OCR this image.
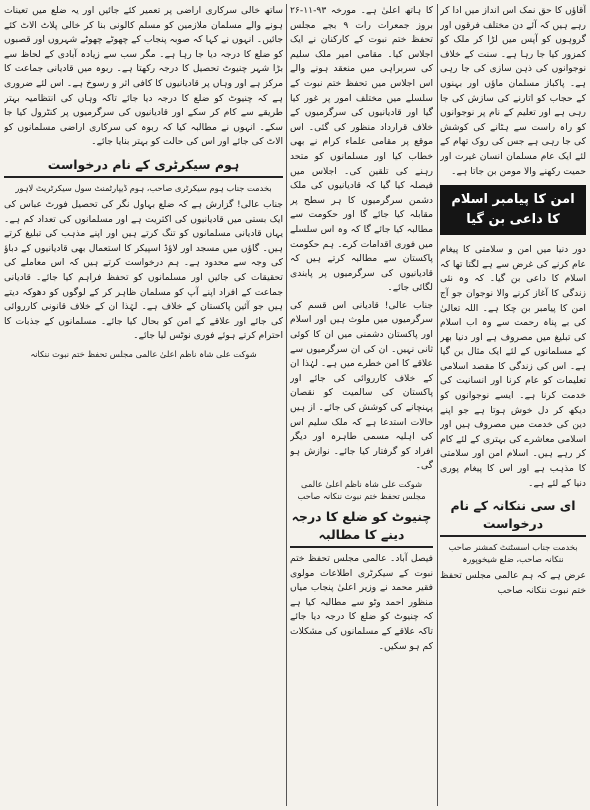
آقاؤں کا حق نمک اس انداز میں ادا کر رہے ہیں کہ آئے دن مختلف فرقوں اور گروہوں کو آپس میں لڑا کر ملک کو کمزور کیا جا رہا ہے۔ سنت کے خلاف نوجوانوں کی ذہن سازی کی جا رہی ہے۔ پاکباز مسلمان ماؤں اور بہنوں کے حجاب کو اتارنے کی سازش کی جا رہی ہے اور تعلیم کے نام پر نوجوانوں کو راہ راست سے ہٹانے کی کوشش کی جا رہی ہے جس کی روک تھام کے لئے ایک عام مسلمان انسان غیرت اور حمیت رکھنے والا مومن بن جاتا ہے۔

امن کا پیامبر اسلام کا داعی بن گیا

دور دنیا میں امن و سلامتی کا پیغام عام کرنے کی غرض سے ہے لگتا تھا کہ اسلام کا داعی بن گیا۔ کہ وہ نئی زندگی کا آغاز کرنے والا نوجوان جو آج امن کا پیامبر بن چکا ہے۔ اللہ تعالیٰ کی بے پناہ رحمت سے وہ اب اسلام کی تبلیغ میں مصروف ہے اور دنیا بھر کے مسلمانوں کے لئے ایک مثال بن گیا ہے۔ اس کی زندگی کا مقصد اسلامی تعلیمات کو عام کرنا اور انسانیت کی خدمت کرنا ہے۔ ایسے نوجوانوں کو دیکھ کر دل خوش ہوتا ہے جو اپنے دین کی خدمت میں مصروف ہیں اور اسلامی معاشرے کی بہتری کے لئے کام کر رہے ہیں۔ اسلام امن اور سلامتی کا مذہب ہے اور اس کا پیغام پوری دنیا کے لئے ہے۔

ای سی ننکانہ کے نام درخواست
بخدمت جناب اسسٹنٹ کمشنر صاحب ننکانہ صاحب، ضلع شیخوپورہ

عرض ہے کہ ہم عالمی مجلس تحفظ ختم نبوت ننکانہ صاحب

کا ہاتھ اعلیٰ ہے۔ مورخہ ۹۳-۱۱-۲۶ بروز جمعرات رات ۹ بجے مجلس تحفظ ختم نبوت کے کارکنان نے ایک اجلاس کیا۔ مقامی امیر ملک سلیم کی سربراہی میں منعقد ہونے والے اس اجلاس میں تحفظ ختم نبوت کے سلسلے میں مختلف امور پر غور کیا گیا اور قادیانیوں کی سرگرمیوں کے خلاف قرارداد منظور کی گئی۔ اس موقع پر مقامی علماء کرام نے بھی خطاب کیا اور مسلمانوں کو متحد رہنے کی تلقین کی۔ اجلاس میں فیصلہ کیا گیا کہ قادیانیوں کی ملک دشمن سرگرمیوں کا ہر سطح پر مقابلہ کیا جائے گا اور حکومت سے مطالبہ کیا جائے گا کہ وہ اس سلسلے میں فوری اقدامات کرے۔ ہم حکومت پاکستان سے مطالبہ کرتے ہیں کہ قادیانیوں کی سرگرمیوں پر پابندی لگائی جائے۔

جناب عالی! قادیانی اس قسم کی سرگرمیوں میں ملوث ہیں اور اسلام اور پاکستان دشمنی میں ان کا کوئی ثانی نہیں۔ ان کی ان سرگرمیوں سے علاقے کا امن خطرے میں ہے۔ لہٰذا ان کے خلاف کارروائی کی جائے اور پاکستان کی سالمیت کو نقصان پہنچانے کی کوشش کی جائے۔ از ہیں حالات استدعا ہے کہ ملک سلیم اس کی اہلیہ مسمی طاہرہ اور دیگر افراد کو گرفتار کیا جائے۔ نوازش ہو گی۔

شوکت علی شاہ ناظم اعلیٰ عالمی مجلس تحفظ ختم نبوت ننکانہ صاحب
چنیوٹ کو ضلع کا درجہ دینے کا مطالبہ

فیصل آباد۔ عالمی مجلس تحفظ ختم نبوت کے سیکرٹری اطلاعات مولوی فقیر محمد نے وزیر اعلیٰ پنجاب میاں منظور احمد وٹو سے مطالبہ کیا ہے کہ چنیوٹ کو ضلع کا درجہ دیا جائے تاکہ علاقے کے مسلمانوں کی مشکلات کم ہو سکیں۔

ساتھ خالی سرکاری اراضی پر تعمیر کئے جائیں اور یہ ضلع میں تعینات ہونے والے مسلمان ملازمین کو مسلم کالونی بنا کر خالی پلاٹ الاٹ کئے جائیں۔ انہوں نے کہا کہ صوبہ پنجاب کے چھوٹے چھوٹے شہروں اور قصبوں کو ضلع کا درجہ دیا جا رہا ہے۔ مگر سب سے زیادہ آبادی کے لحاظ سے بڑا شہر چنیوٹ تحصیل کا درجہ رکھتا ہے۔ ربوہ میں قادیانی جماعت کا مرکز ہے اور وہاں پر قادیانیوں کا کافی اثر و رسوخ ہے۔ اس لئے ضروری ہے کہ چنیوٹ کو ضلع کا درجہ دیا جائے تاکہ وہاں کی انتظامیہ بہتر طریقے سے کام کر سکے اور قادیانیوں کی سرگرمیوں پر کنٹرول کیا جا سکے۔ انہوں نے مطالبہ کیا کہ ربوہ کی سرکاری اراضی مسلمانوں کو الاٹ کی جائے اور اس کی حالت کو بہتر بنایا جائے۔

ہوم سیکرٹری کے نام درخواست
بخدمت جناب ہوم سیکرٹری صاحب، ہوم ڈیپارٹمنٹ سول سیکرٹریٹ لاہور

جناب عالی! گزارش ہے کہ ضلع بہاول نگر کی تحصیل فورٹ عباس کی ایک بستی میں قادیانیوں کی اکثریت ہے اور مسلمانوں کی تعداد کم ہے۔ یہاں قادیانی مسلمانوں کو تنگ کرتے ہیں اور اپنے مذہب کی تبلیغ کرتے ہیں۔ گاؤں میں مسجد اور لاؤڈ اسپیکر کا استعمال بھی قادیانیوں کے دباؤ کی وجہ سے محدود ہے۔ ہم درخواست کرتے ہیں کہ اس معاملے کی تحقیقات کی جائیں اور مسلمانوں کو تحفظ فراہم کیا جائے۔ قادیانی جماعت کے افراد اپنے آپ کو مسلمان ظاہر کر کے لوگوں کو دھوکہ دیتے ہیں جو آئین پاکستان کے خلاف ہے۔ لہٰذا ان کے خلاف قانونی کارروائی کی جائے اور علاقے کے امن کو بحال کیا جائے۔ مسلمانوں کے جذبات کا احترام کرتے ہوئے فوری نوٹس لیا جائے۔

شوکت علی شاہ ناظم اعلیٰ عالمی مجلس تحفظ ختم نبوت ننکانہ
